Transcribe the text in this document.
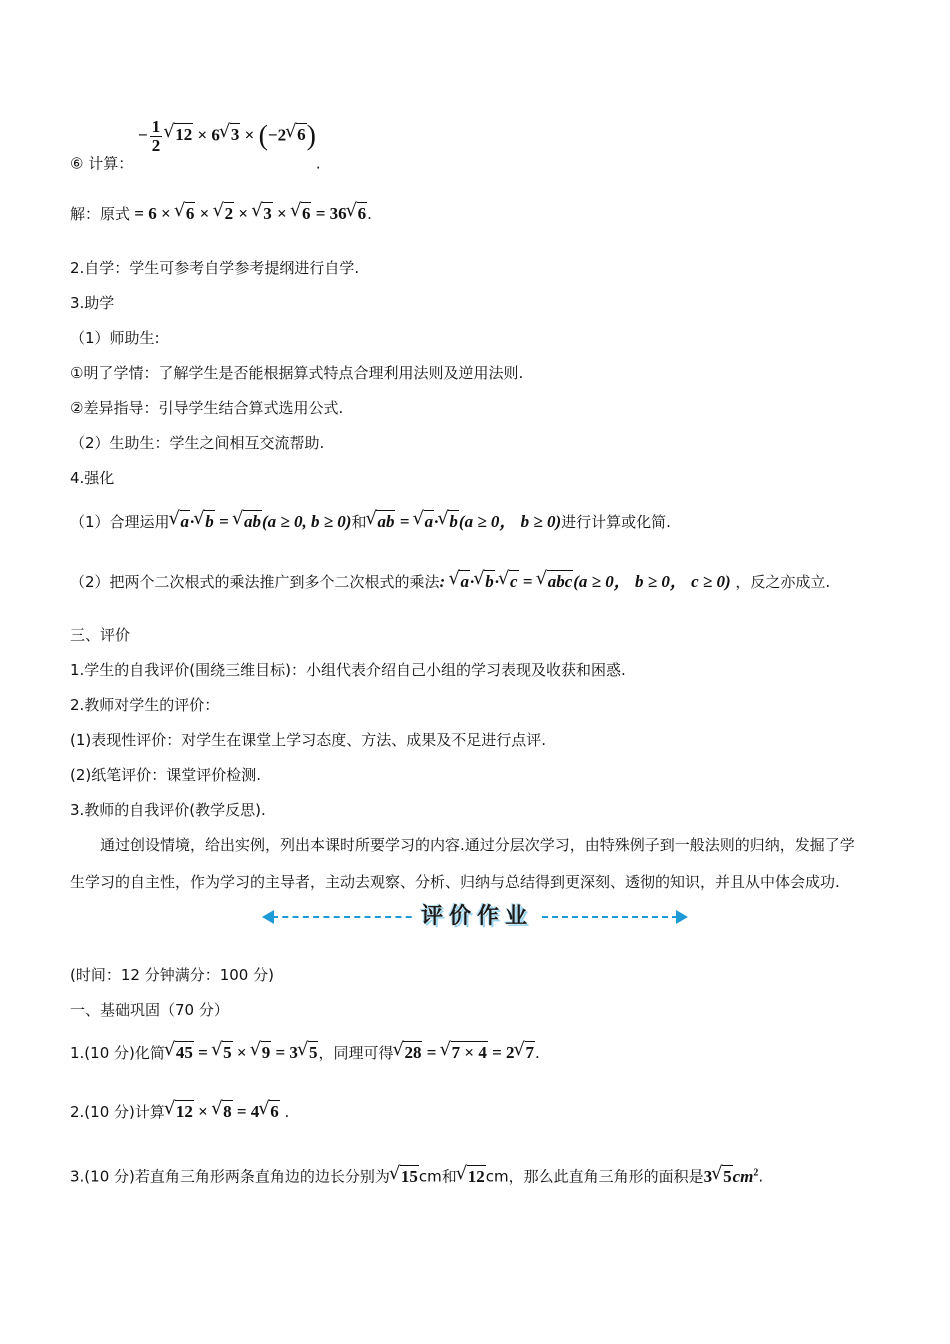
⑥ 计算： − $\frac{1}{2}$ √ 12 × 6 √ 3 × (−2 √ 6).
解：原式 = 6 × √ 6 × √ 2 × √ 3 × √ 6 = 36 √ 6.
2.自学：学生可参考自学参考提纲进行自学.
3.助学
（1）师助生:
①明了学情：了解学生是否能根据算式特点合理利用法则及逆用法则.
②差异指导：引导学生结合算式选用公式.
（2）生助生：学生之间相互交流帮助.
4.强化
（1）合理运用 √ a· √ b = √ ab(a ≥ 0, b ≥ 0)和 √ ab = √ a· √ b(a ≥ 0， b ≥ 0)进行计算或化简.
（2）把两个二次根式的乘法推广到多个二次根式的乘法: √ a· √ b· √ c = √ abc(a ≥ 0， b ≥ 0， c ≥ 0) ，反之亦成立.
三、评价
1.学生的自我评价(围绕三维目标)：小组代表介绍自己小组的学习表现及收获和困惑.
2.教师对学生的评价：
(1)表现性评价：对学生在课堂上学习态度、方法、成果及不足进行点评.
(2)纸笔评价：课堂评价检测.
3.教师的自我评价(教学反思).
通过创设情境，给出实例，列出本课时所要学习的内容.通过分层次学习，由特殊例子到一般法则的归纳，发掘了学
生学习的自主性，作为学习的主导者，主动去观察、分析、归纳与总结得到更深刻、透彻的知识，并且从中体会成功.
评价作业
(时间：12 分钟满分：100 分)
一、基础巩固（70 分）
1.(10 分)化简 √ 45 = √ 5 × √ 9 = 3 √ 5，同理可得 √ 28 = √ 7 × 4 = 2 √ 7.
2.(10 分)计算 √ 12 × √ 8 = 4 √ 6 .
3.(10 分)若直角三角形两条直角边的边长分别为 √ 15cm和 √ 12cm，那么此直角三角形的面积是3 √ $5cm^2$.
